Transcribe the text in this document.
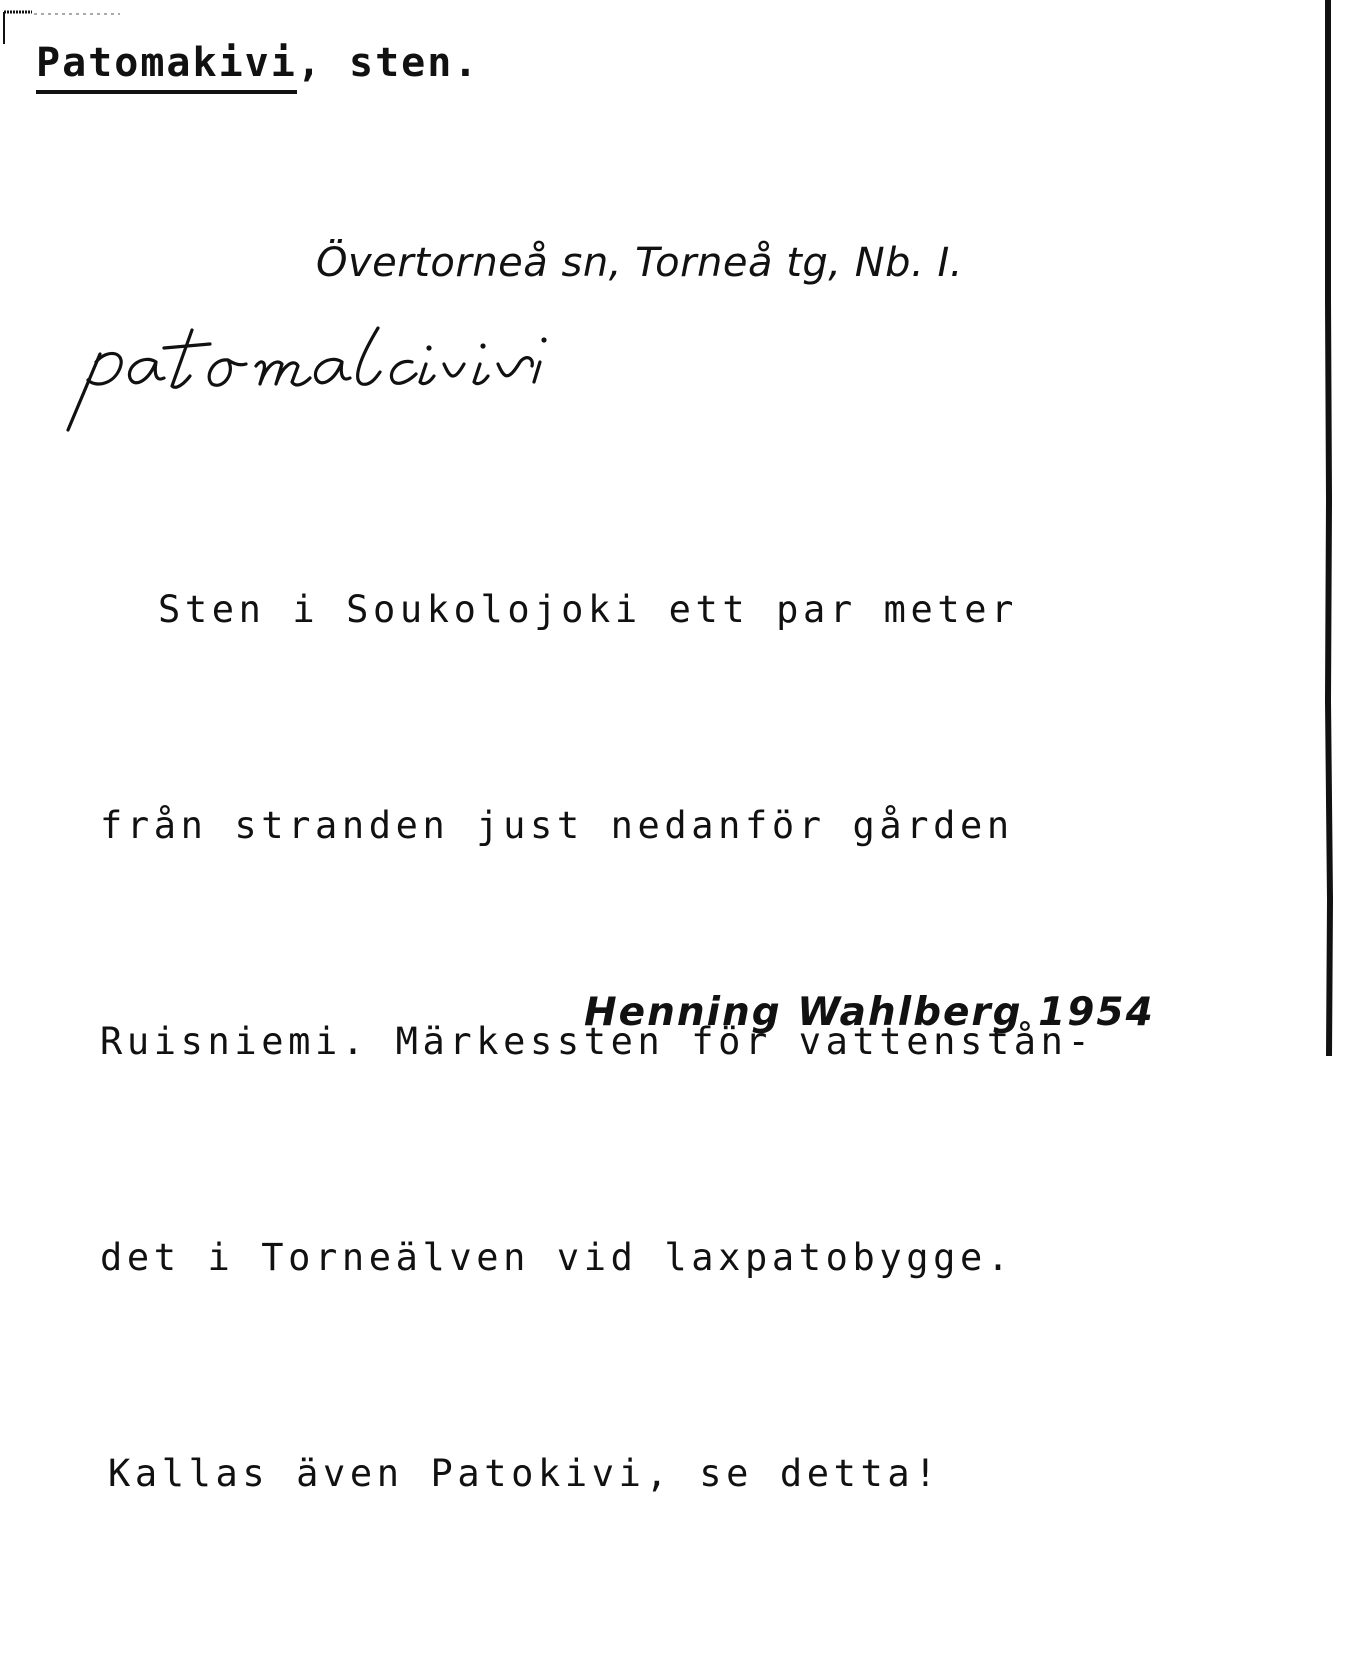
Patomakivi, sten.
Övertorneå sn, Torneå tg, Nb. I.

Sten i Soukolojoki ett par meter

från stranden just nedanför gården

Ruisniemi. Märkessten för vattenstån-

det i Torneälven vid laxpatobygge.

Kallas även Patokivi, se detta!

Henning Wahlberg 1954
